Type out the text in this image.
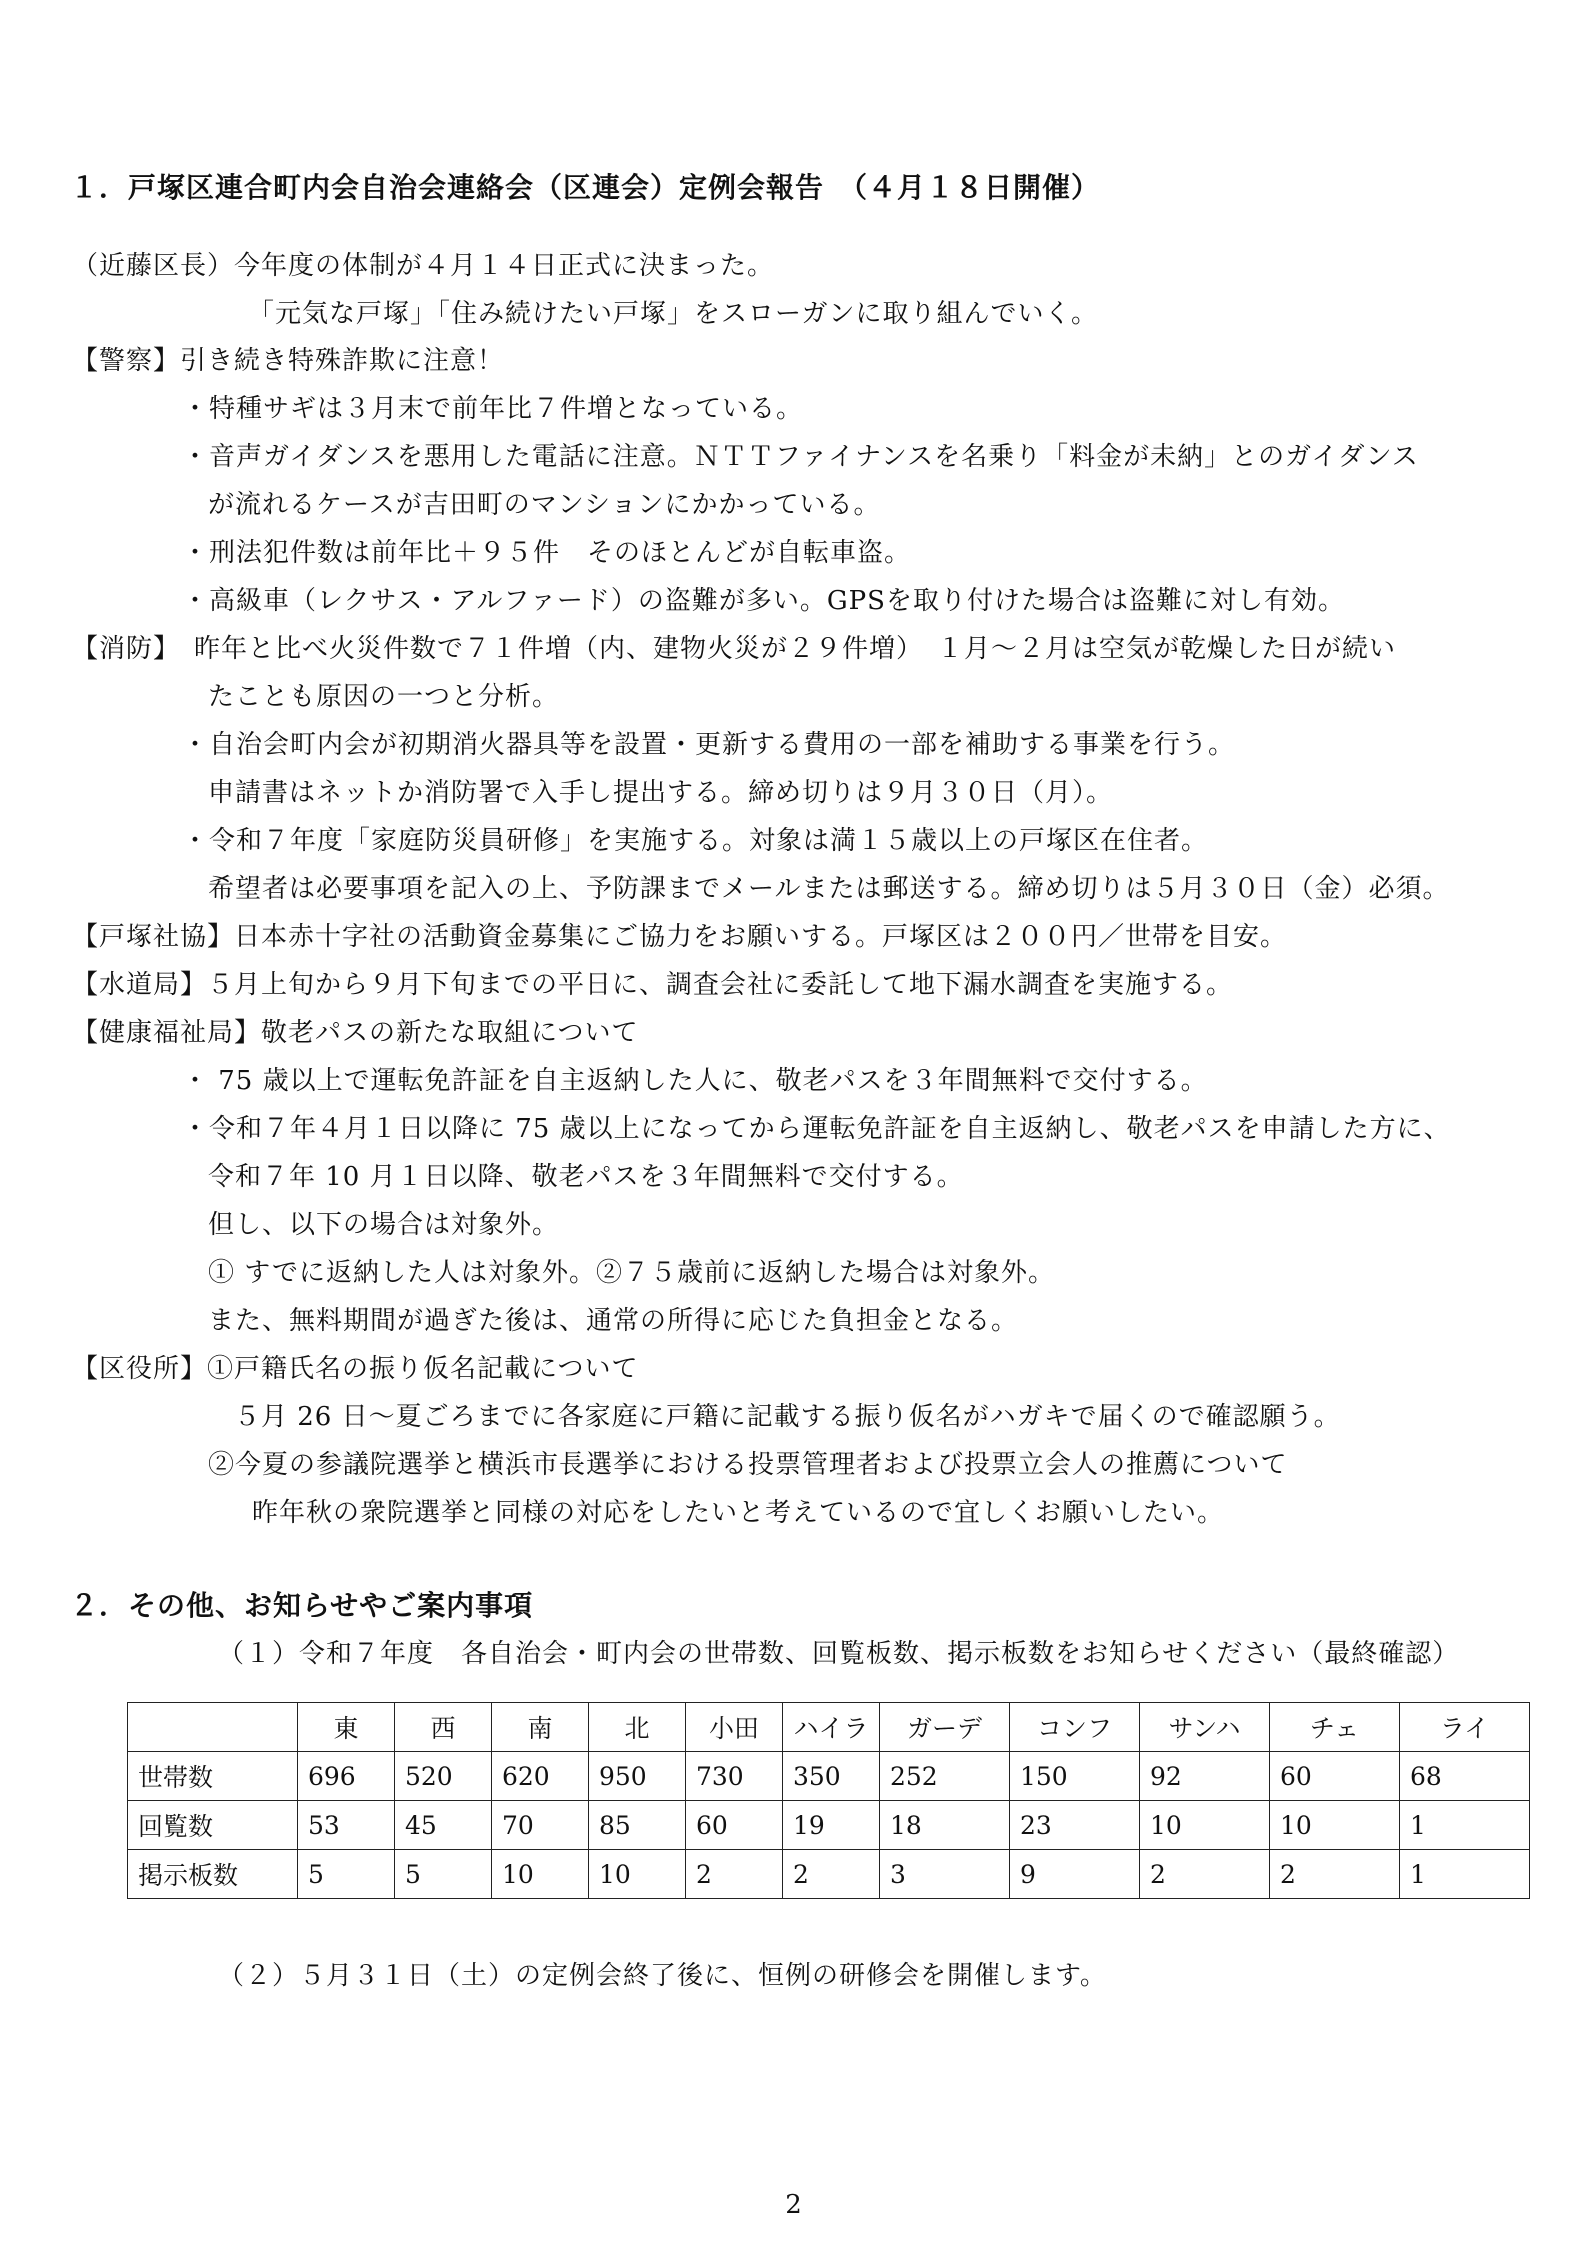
１．戸塚区連合町内会自治会連絡会（区連会）定例会報告　（４月１８日開催）
（近藤区長）今年度の体制が４月１４日正式に決まった。
「元気な戸塚」「住み続けたい戸塚」をスローガンに取り組んでいく。
【警察】引き続き特殊詐欺に注意！
・特種サギは３月末で前年比７件増となっている。
・音声ガイダンスを悪用した電話に注意。ＮＴＴファイナンスを名乗り「料金が未納」とのガイダンス
が流れるケースが吉田町のマンションにかかっている。
・刑法犯件数は前年比＋９５件　そのほとんどが自転車盗。
・高級車（レクサス・アルファード）の盗難が多い。GPSを取り付けた場合は盗難に対し有効。
【消防】　昨年と比べ火災件数で７１件増（内、建物火災が２９件増）　１月～２月は空気が乾燥した日が続い
たことも原因の一つと分析。
・自治会町内会が初期消火器具等を設置・更新する費用の一部を補助する事業を行う。
申請書はネットか消防署で入手し提出する。締め切りは９月３０日（月）。
・令和７年度「家庭防災員研修」を実施する。対象は満１５歳以上の戸塚区在住者。
希望者は必要事項を記入の上、予防課までメールまたは郵送する。締め切りは５月３０日（金）必須。
【戸塚社協】日本赤十字社の活動資金募集にご協力をお願いする。戸塚区は２００円／世帯を目安。
【水道局】５月上旬から９月下旬までの平日に、調査会社に委託して地下漏水調査を実施する。
【健康福祉局】敬老パスの新たな取組について
・ 75 歳以上で運転免許証を自主返納した人に、敬老パスを３年間無料で交付する。
・令和７年４月１日以降に 75 歳以上になってから運転免許証を自主返納し、敬老パスを申請した方に、
令和７年 10 月１日以降、敬老パスを３年間無料で交付する。
但し、以下の場合は対象外。
① すでに返納した人は対象外。②７５歳前に返納した場合は対象外。
また、無料期間が過ぎた後は、通常の所得に応じた負担金となる。
【区役所】①戸籍氏名の振り仮名記載について
５月 26 日～夏ごろまでに各家庭に戸籍に記載する振り仮名がハガキで届くので確認願う。
②今夏の参議院選挙と横浜市長選挙における投票管理者および投票立会人の推薦について
昨年秋の衆院選挙と同様の対応をしたいと考えているので宜しくお願いしたい。
２．その他、お知らせやご案内事項
（１）令和７年度　各自治会・町内会の世帯数、回覧板数、掲示板数をお知らせください（最終確認）
	東	西	南	北	小田	ハイラ	ガーデ	コンフ	サンハ	チェ	ライ
世帯数	696	520	620	950	730	350	252	150	92	60	68
回覧数	53	45	70	85	60	19	18	23	10	10	1
掲示板数	5	5	10	10	2	2	3	9	2	2	1
（２）５月３１日（土）の定例会終了後に、恒例の研修会を開催します。
2
